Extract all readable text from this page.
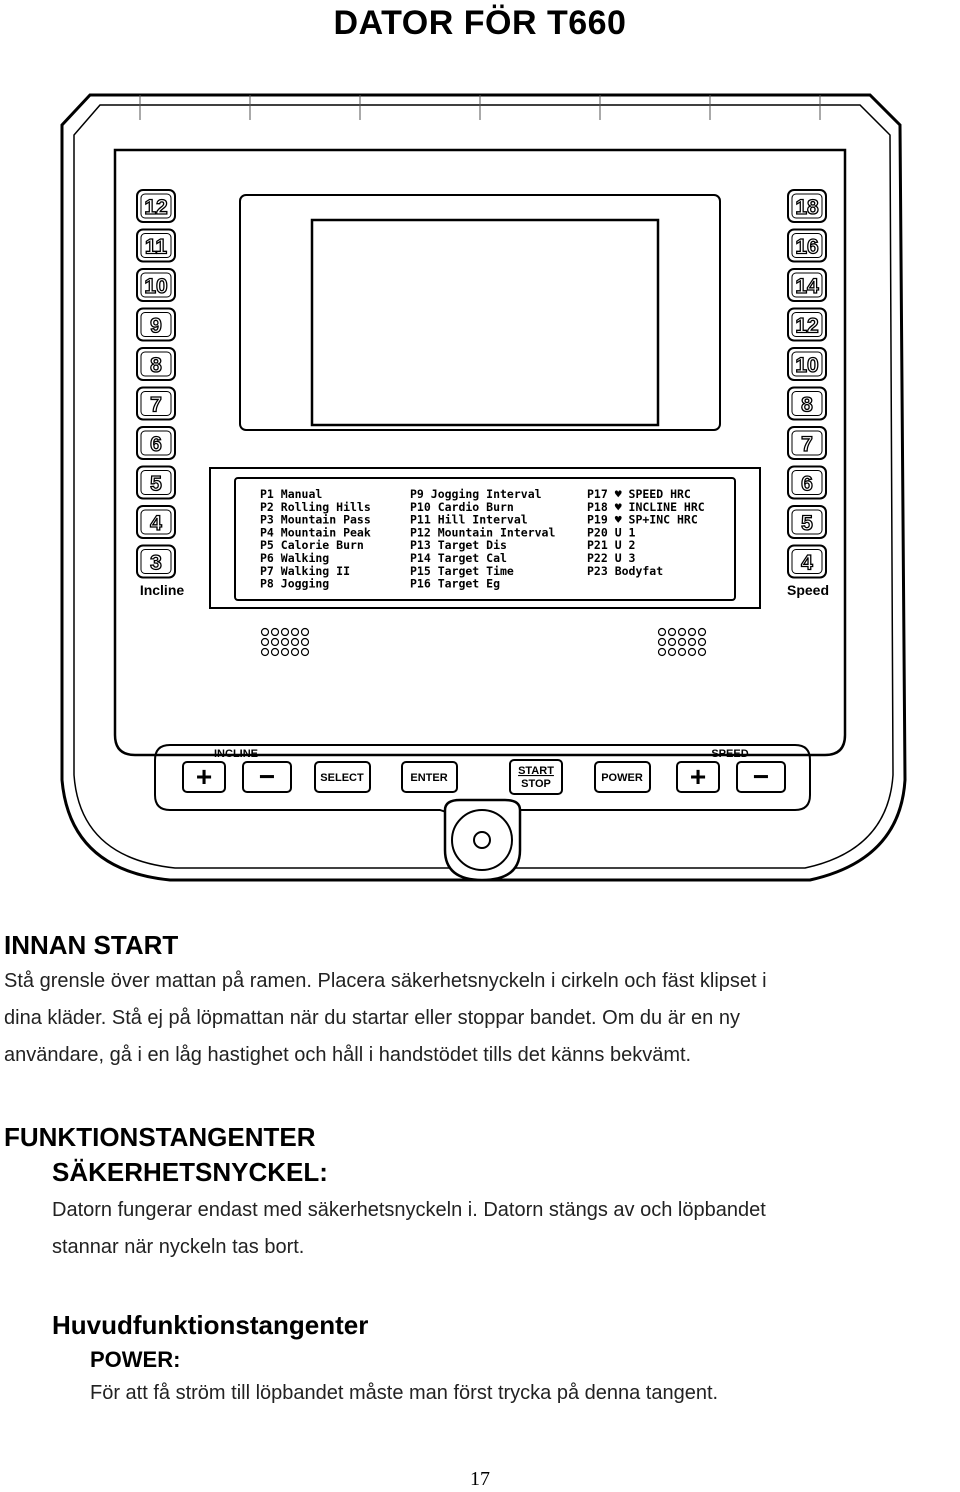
DATOR FÖR T660
12
11
10
9
8
7
6
5
4
3
Incline
18
16
14
12
10
8
7
6
5
4
Speed
P1 Manual
P2 Rolling Hills
P3 Mountain Pass
P4 Mountain Peak
P5 Calorie Burn
P6 Walking
P7 Walking II
P8 Jogging
P9 Jogging Interval
P10 Cardio Burn
P11 Hill Interval
P12 Mountain Interval
P13 Target Dis
P14 Target Cal
P15 Target Time
P16 Target Eg
P17 ♥ SPEED HRC
P18 ♥ INCLINE HRC
P19 ♥ SP+INC HRC
P20 U 1
P21 U 2
P22 U 3
P23 Bodyfat
INCLINE	SPEED
+ −	SELECT	ENTER
START
STOP	POWER + −
INNAN START
Stå grensle över mattan på ramen. Placera säkerhetsnyckeln i cirkeln och fäst klipset i
dina kläder. Stå ej på löpmattan när du startar eller stoppar bandet. Om du är en ny
användare, gå i en låg hastighet och håll i handstödet tills det känns bekvämt.
FUNKTIONSTANGENTER
SÄKERHETSNYCKEL:
Datorn fungerar endast med säkerhetsnyckeln i. Datorn stängs av och löpbandet
stannar när nyckeln tas bort.
Huvudfunktionstangenter
POWER:
För att få ström till löpbandet måste man först trycka på denna tangent.
17
